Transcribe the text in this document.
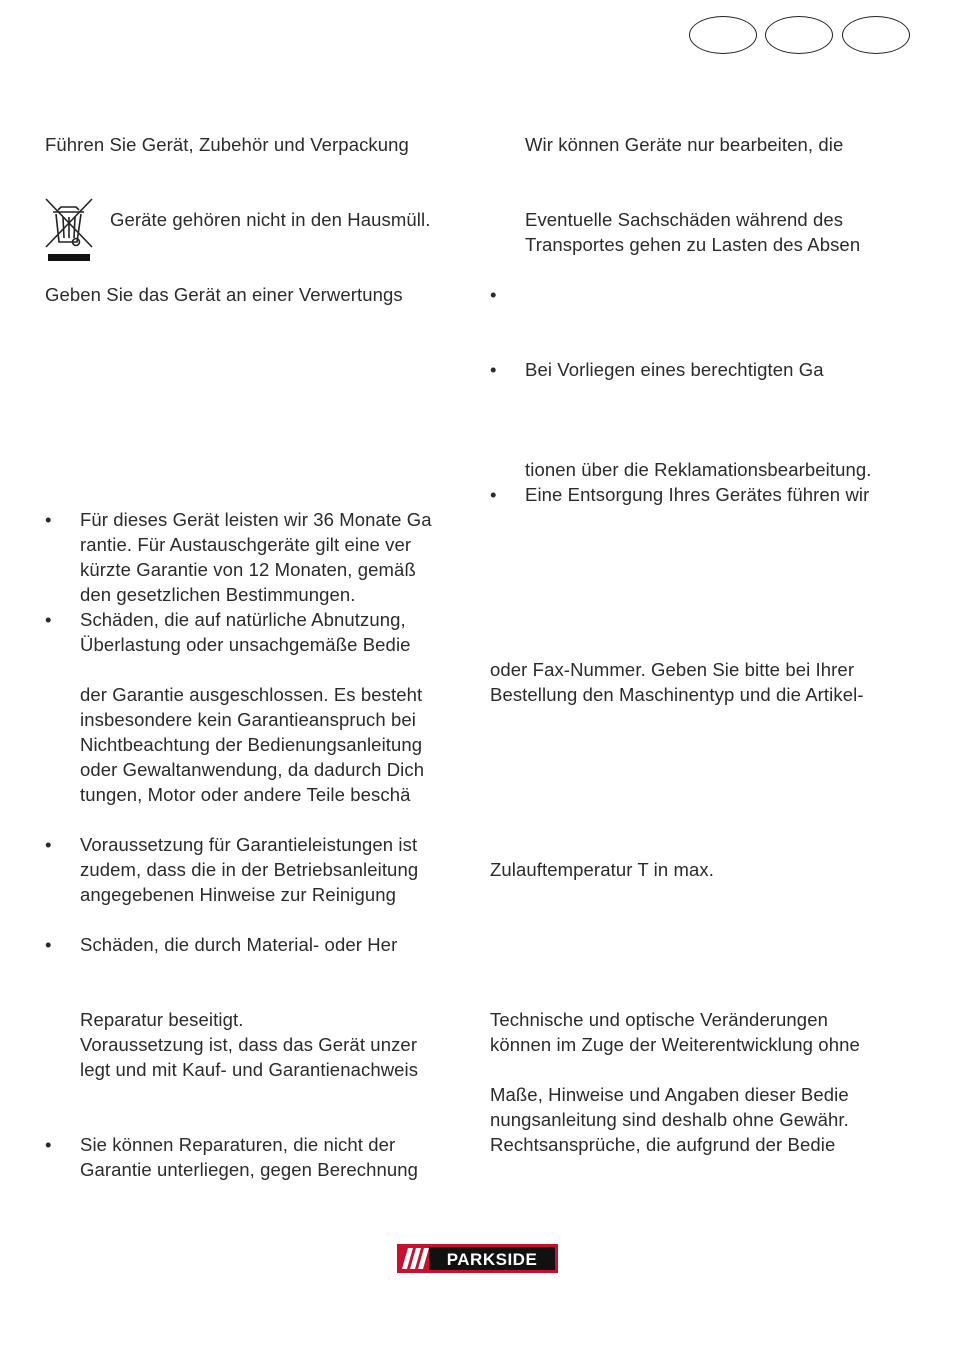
Führen Sie Gerät, Zubehör und Verpackung
Geräte gehören nicht in den Hausmüll.
Geben Sie das Gerät an einer Verwertungs
• Für dieses Gerät leisten wir 36 Monate Ga
rantie. Für Austauschgeräte gilt eine ver
kürzte Garantie von 12 Monaten, gemäß
den gesetzlichen Bestimmungen.
• Schäden, die auf natürliche Abnutzung,
Überlastung oder unsachgemäße Bedie
der Garantie ausgeschlossen. Es besteht
insbesondere kein Garantieanspruch bei
Nichtbeachtung der Bedienungsanleitung
oder Gewaltanwendung, da dadurch Dich
tungen, Motor oder andere Teile beschä
• Voraussetzung für Garantieleistungen ist
zudem, dass die in der Betriebsanleitung
angegebenen Hinweise zur Reinigung
• Schäden, die durch Material- oder Her
Reparatur beseitigt.
Voraussetzung ist, dass das Gerät unzer
legt und mit Kauf- und Garantienachweis
• Sie können Reparaturen, die nicht der
Garantie unterliegen, gegen Berechnung
Wir können Geräte nur bearbeiten, die
Eventuelle Sachschäden während des
Transportes gehen zu Lasten des Absen
•
• Bei Vorliegen eines berechtigten Ga
tionen über die Reklamationsbearbeitung.
• Eine Entsorgung Ihres Gerätes führen wir
oder Fax-Nummer. Geben Sie bitte bei Ihrer
Bestellung den Maschinentyp und die Artikel-
Zulauftemperatur T in max.
Technische und optische Veränderungen
können im Zuge der Weiterentwicklung ohne
Maße, Hinweise und Angaben dieser Bedie
nungsanleitung sind deshalb ohne Gewähr.
Rechtsansprüche, die aufgrund der Bedie
PARKSIDE
